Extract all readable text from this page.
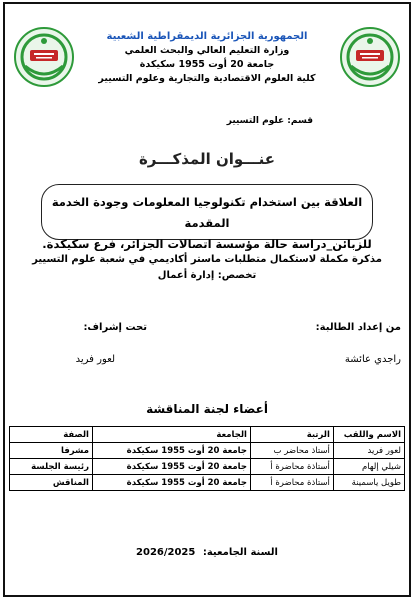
الجمهورية الجزائرية الديمقراطية الشعبية
وزارة التعليم العالي والبحث العلمي
جامعة 20 أوت 1955 سكيكدة
كلية العلوم الاقتصادية والتجارية وعلوم التسيير
قسم: علوم التسيير
عنـــوان المذكـــرة
العلاقة بين استخدام تكنولوجيا المعلومات وجودة الخدمة المقدمة
للزبائن_دراسة حالة مؤسسة اتصالات الجزائر، فرع سكيكدة.
مذكرة مكملة لاستكمال متطلبات ماستر أكاديمي في شعبة علوم التسيير
تخصص: إدارة أعمال
من إعداد الطالبة:
تحت إشراف:
راجدي عائشة
لعور فريد
أعضاء لجنة المناقشة
الاسم واللقب	الرتبة	الجامعة	الصفة
لعور فريد	أستاذ محاضر ب	جامعة 20 أوت 1955 سكيكدة	مشرفا
شيلي إلهام	أستاذة محاضرة أ	جامعة 20 أوت 1955 سكيكدة	رئيسة الجلسة
طويل ياسمينة	أستاذة محاضرة أ	جامعة 20 أوت 1955 سكيكدة	المناقش
السنة الجامعية: 2026/2025
